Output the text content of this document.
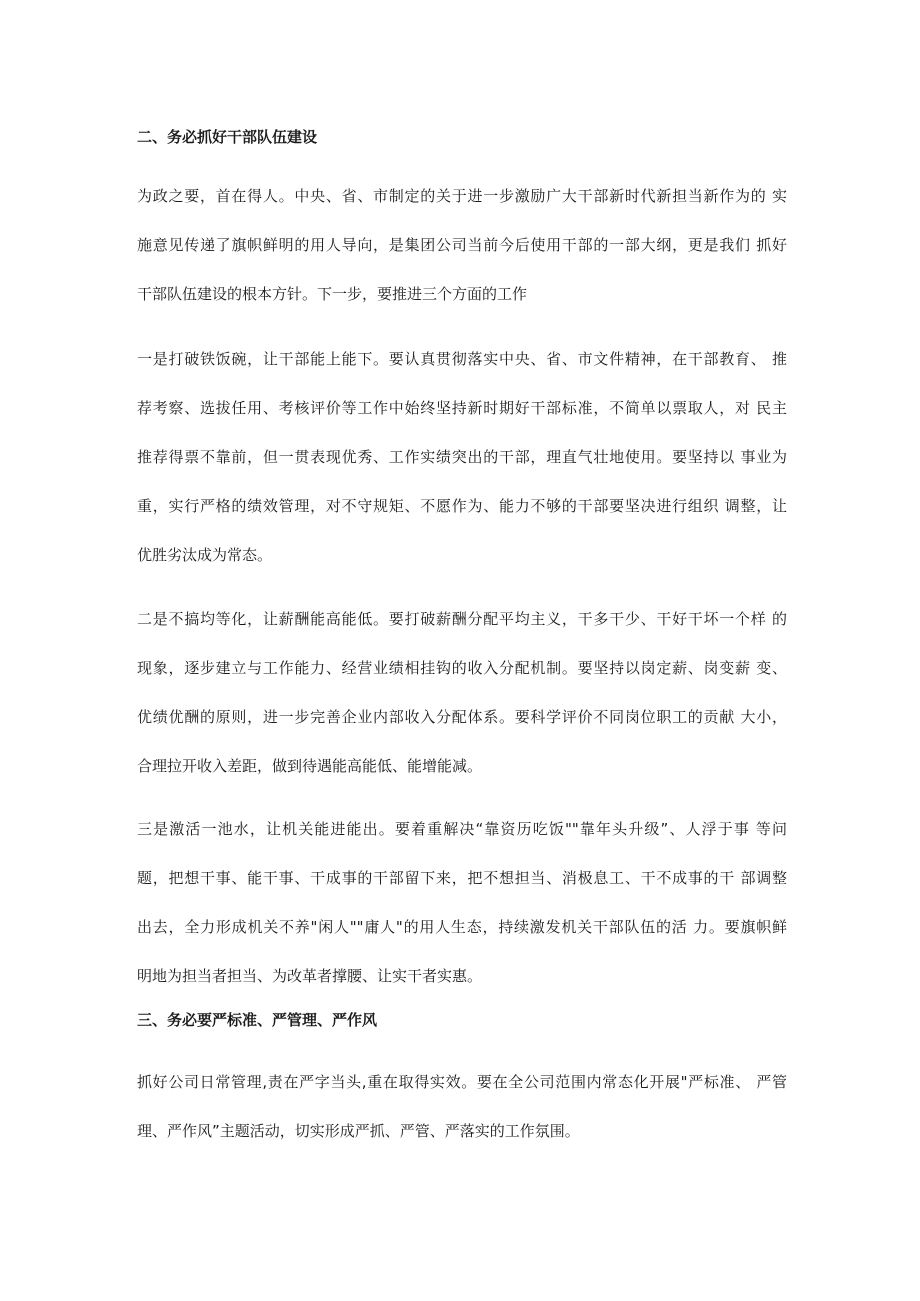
二、务必抓好干部队伍建设
为政之要，首在得人。中央、省、市制定的关于进一步激励广大干部新时代新担当新作为的 实
施意见传递了旗帜鲜明的用人导向，是集团公司当前今后使用干部的一部大纲，更是我们 抓好
干部队伍建设的根本方针。下一步，要推进三个方面的工作
一是打破铁饭碗，让干部能上能下。要认真贯彻落实中央、省、市文件精神，在干部教育、 推
荐考察、选拔任用、考核评价等工作中始终坚持新时期好干部标准，不简单以票取人，对 民主
推荐得票不靠前，但一贯表现优秀、工作实绩突出的干部，理直气壮地使用。要坚持以 事业为
重，实行严格的绩效管理，对不守规矩、不愿作为、能力不够的干部要坚决进行组织 调整，让
优胜劣汰成为常态。
二是不搞均等化，让薪酬能高能低。要打破薪酬分配平均主义，干多干少、干好干坏一个样 的
现象，逐步建立与工作能力、经营业绩相挂钩的收入分配机制。要坚持以岗定薪、岗变薪 变、
优绩优酬的原则，进一步完善企业内部收入分配体系。要科学评价不同岗位职工的贡献 大小，
合理拉开收入差距，做到待遇能高能低、能增能减。
三是激活一池水，让机关能进能出。要着重解决“靠资历吃饭""靠年头升级”、人浮于事 等问
题，把想干事、能干事、干成事的干部留下来，把不想担当、消极息工、干不成事的干 部调整
出去，全力形成机关不养"闲人""庸人"的用人生态，持续激发机关干部队伍的活 力。要旗帜鲜
明地为担当者担当、为改革者撑腰、让实干者实惠。
三、务必要严标准、严管理、严作风
抓好公司日常管理,责在严字当头,重在取得实效。要在全公司范围内常态化开展"严标准、 严管
理、严作风”主题活动，切实形成严抓、严管、严落实的工作氛围。
